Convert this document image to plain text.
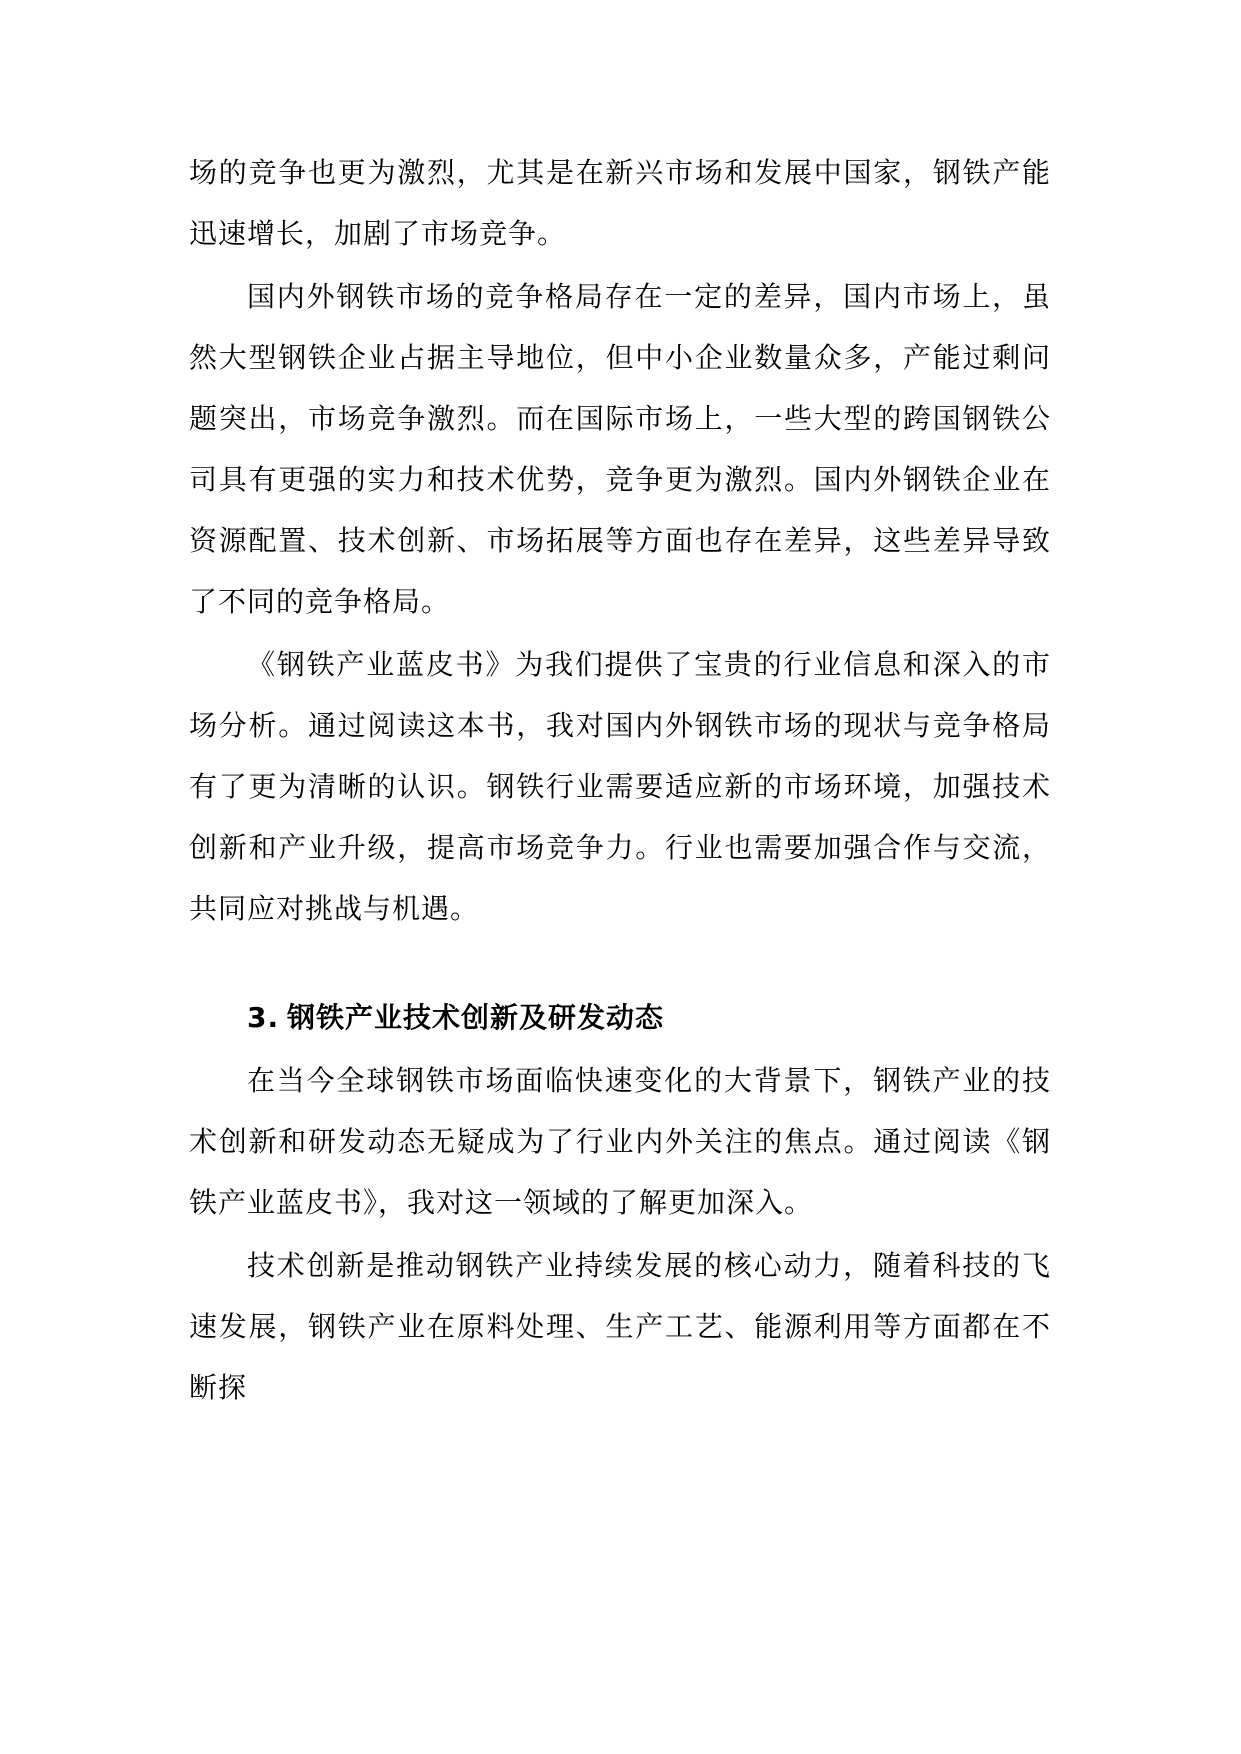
场的竞争也更为激烈，尤其是在新兴市场和发展中国家，钢铁产能迅速增长，加剧了市场竞争。

国内外钢铁市场的竞争格局存在一定的差异，国内市场上，虽然大型钢铁企业占据主导地位，但中小企业数量众多，产能过剩问题突出，市场竞争激烈。而在国际市场上，一些大型的跨国钢铁公司具有更强的实力和技术优势，竞争更为激烈。国内外钢铁企业在资源配置、技术创新、市场拓展等方面也存在差异，这些差异导致了不同的竞争格局。

《钢铁产业蓝皮书》为我们提供了宝贵的行业信息和深入的市场分析。通过阅读这本书，我对国内外钢铁市场的现状与竞争格局有了更为清晰的认识。钢铁行业需要适应新的市场环境，加强技术创新和产业升级，提高市场竞争力。行业也需要加强合作与交流，共同应对挑战与机遇。

3. 钢铁产业技术创新及研发动态

在当今全球钢铁市场面临快速变化的大背景下，钢铁产业的技术创新和研发动态无疑成为了行业内外关注的焦点。通过阅读《钢铁产业蓝皮书》，我对这一领域的了解更加深入。

技术创新是推动钢铁产业持续发展的核心动力，随着科技的飞速发展，钢铁产业在原料处理、生产工艺、能源利用等方面都在不断探
